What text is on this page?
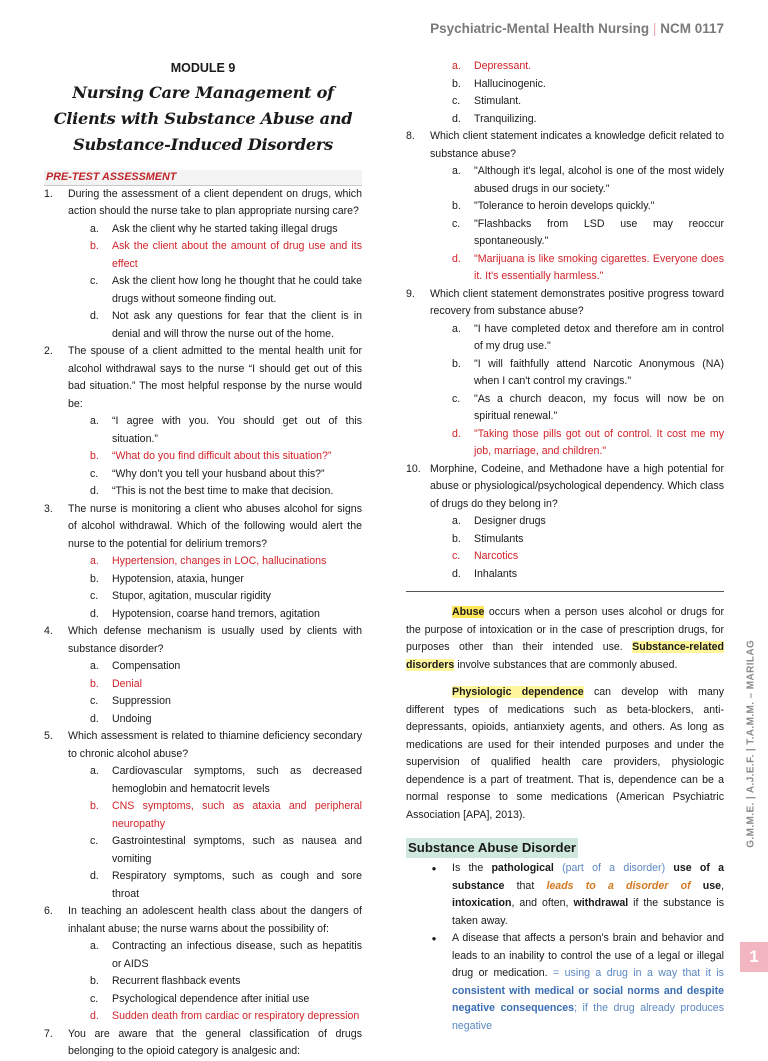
Psychiatric-Mental Health Nursing | NCM 0117
MODULE 9
Nursing Care Management of
Clients with Substance Abuse and
Substance-Induced Disorders
PRE-TEST ASSESSMENT
1.	During the assessment of a client dependent on drugs, which action should the nurse take to plan appropriate nursing care?
a.	Ask the client why he started taking illegal drugs
b.	Ask the client about the amount of drug use and its effect
c.	Ask the client how long he thought that he could take drugs without someone finding out.
d.	Not ask any questions for fear that the client is in denial and will throw the nurse out of the home.
2.	The spouse of a client admitted to the mental health unit for alcohol withdrawal says to the nurse “I should get out of this bad situation.” The most helpful response by the nurse would be:
a.	“I agree with you. You should get out of this situation.”
b.	“What do you find difficult about this situation?”
c.	“Why don’t you tell your husband about this?”
d.	“This is not the best time to make that decision.
3.	The nurse is monitoring a client who abuses alcohol for signs of alcohol withdrawal. Which of the following would alert the nurse to the potential for delirium tremors?
a.	Hypertension, changes in LOC, hallucinations
b.	Hypotension, ataxia, hunger
c.	Stupor, agitation, muscular rigidity
d.	Hypotension, coarse hand tremors, agitation
4.	Which defense mechanism is usually used by clients with substance disorder?
a.	Compensation
b.	Denial
c.	Suppression
d.	Undoing
5.	Which assessment is related to thiamine deficiency secondary to chronic alcohol abuse?
a.	Cardiovascular symptoms, such as decreased hemoglobin and hematocrit levels
b.	CNS symptoms, such as ataxia and peripheral neuropathy
c.	Gastrointestinal symptoms, such as nausea and vomiting
d.	Respiratory symptoms, such as cough and sore throat
6.	In teaching an adolescent health class about the dangers of inhalant abuse; the nurse warns about the possibility of:
a.	Contracting an infectious disease, such as hepatitis or AIDS
b.	Recurrent flashback events
c.	Psychological dependence after initial use
d.	Sudden death from cardiac or respiratory depression
7.	You are aware that the general classification of drugs belonging to the opioid category is analgesic and:
a.	Depressant.
b.	Hallucinogenic.
c.	Stimulant.
d.	Tranquilizing.
8.	Which client statement indicates a knowledge deficit related to substance abuse?
a.	"Although it's legal, alcohol is one of the most widely abused drugs in our society."
b.	"Tolerance to heroin develops quickly."
c.	"Flashbacks from LSD use may reoccur spontaneously."
d.	"Marijuana is like smoking cigarettes. Everyone does it. It's essentially harmless."
9.	Which client statement demonstrates positive progress toward recovery from substance abuse?
a.	"I have completed detox and therefore am in control of my drug use."
b.	"I will faithfully attend Narcotic Anonymous (NA) when I can't control my cravings."
c.	"As a church deacon, my focus will now be on spiritual renewal."
d.	"Taking those pills got out of control. It cost me my job, marriage, and children."
10. Morphine, Codeine, and Methadone have a high potential for abuse or physiological/psychological dependency. Which class of drugs do they belong in?
a.	Designer drugs
b.	Stimulants
c.	Narcotics
d.	Inhalants

Abuse occurs when a person uses alcohol or drugs for the purpose of intoxication or in the case of prescription drugs, for purposes other than their intended use. Substance-related disorders involve substances that are commonly abused.

Physiologic dependence can develop with many different types of medications such as beta-blockers, anti-depressants, opioids, antianxiety agents, and others. As long as medications are used for their intended purposes and under the supervision of qualified health care providers, physiologic dependence is a part of treatment. That is, dependence can be a normal response to some medications (American Psychiatric Association [APA], 2013).

Substance Abuse Disorder
●	Is the pathological (part of a disorder) use of a substance that leads to a disorder of use, intoxication, and often, withdrawal if the substance is taken away.
●	A disease that affects a person's brain and behavior and leads to an inability to control the use of a legal or illegal drug or medication. = using a drug in a way that it is consistent with medical or social norms and despite negative consequences; if the drug already produces negative
G.M.M.E. | A.J.E.F. | T.A.M.M. – MARILAG
1
